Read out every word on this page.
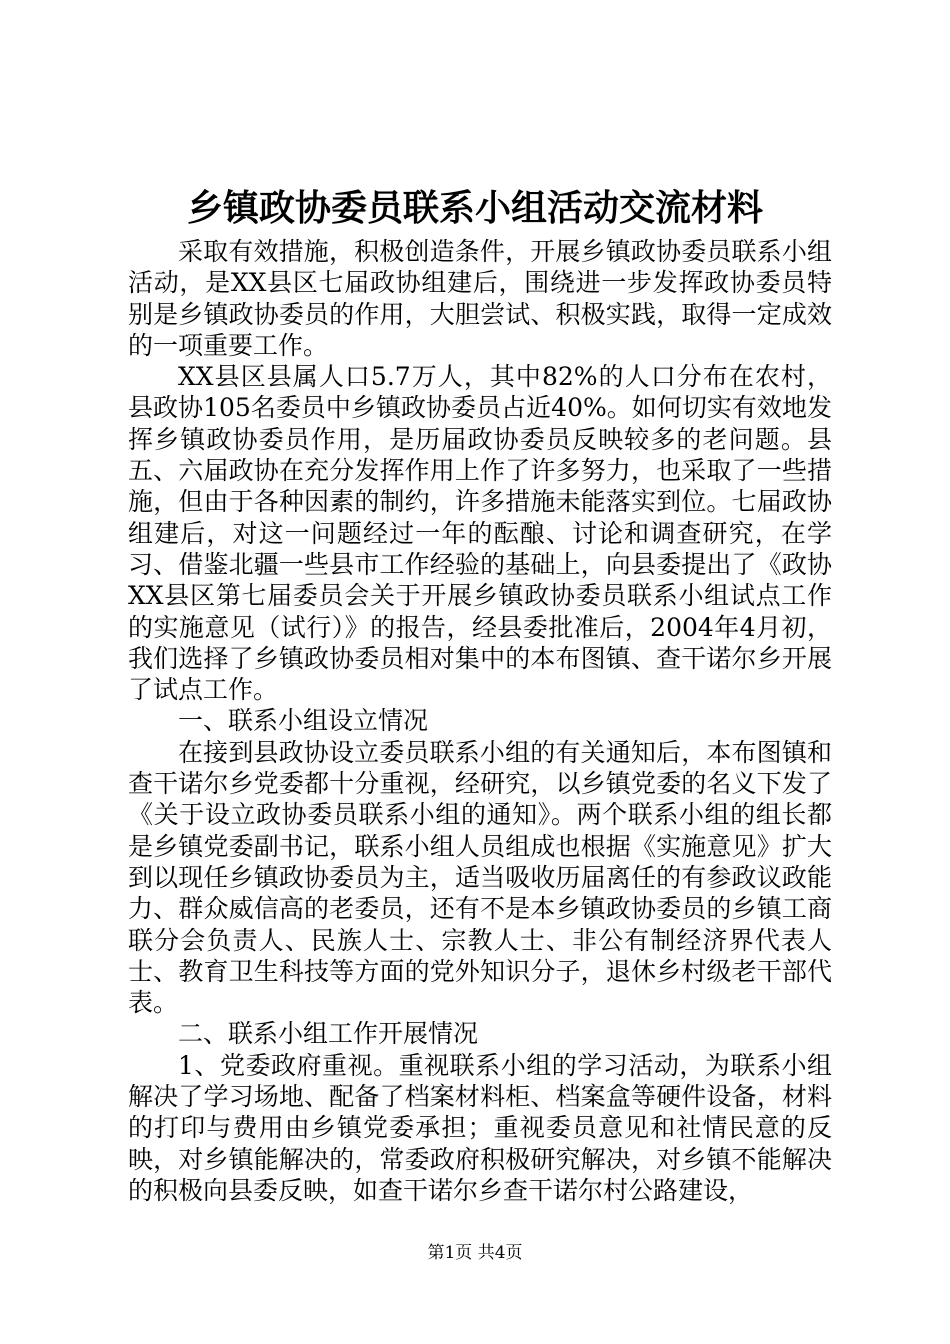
乡镇政协委员联系小组活动交流材料

采取有效措施，积极创造条件，开展乡镇政协委员联系小组活动，是XX县区七届政协组建后，围绕进一步发挥政协委员特别是乡镇政协委员的作用，大胆尝试、积极实践，取得一定成效的一项重要工作。

XX县区县属人口5.7万人，其中82%的人口分布在农村，县政协105名委员中乡镇政协委员占近40%。如何切实有效地发挥乡镇政协委员作用，是历届政协委员反映较多的老问题。县五、六届政协在充分发挥作用上作了许多努力，也采取了一些措施，但由于各种因素的制约，许多措施未能落实到位。七届政协组建后，对这一问题经过一年的酝酿、讨论和调查研究，在学习、借鉴北疆一些县市工作经验的基础上，向县委提出了《政协XX县区第七届委员会关于开展乡镇政协委员联系小组试点工作的实施意见（试行）》的报告，经县委批准后，2004年4月初，我们选择了乡镇政协委员相对集中的本布图镇、查干诺尔乡开展了试点工作。

一、联系小组设立情况

在接到县政协设立委员联系小组的有关通知后，本布图镇和查干诺尔乡党委都十分重视，经研究，以乡镇党委的名义下发了《关于设立政协委员联系小组的通知》。两个联系小组的组长都是乡镇党委副书记，联系小组人员组成也根据《实施意见》扩大到以现任乡镇政协委员为主，适当吸收历届离任的有参政议政能力、群众威信高的老委员，还有不是本乡镇政协委员的乡镇工商联分会负责人、民族人士、宗教人士、非公有制经济界代表人士、教育卫生科技等方面的党外知识分子，退休乡村级老干部代表。

二、联系小组工作开展情况

1、党委政府重视。重视联系小组的学习活动，为联系小组解决了学习场地、配备了档案材料柜、档案盒等硬件设备，材料的打印与费用由乡镇党委承担；重视委员意见和社情民意的反映，对乡镇能解决的，常委政府积极研究解决，对乡镇不能解决的积极向县委反映，如查干诺尔乡查干诺尔村公路建设，

第1页 共4页
